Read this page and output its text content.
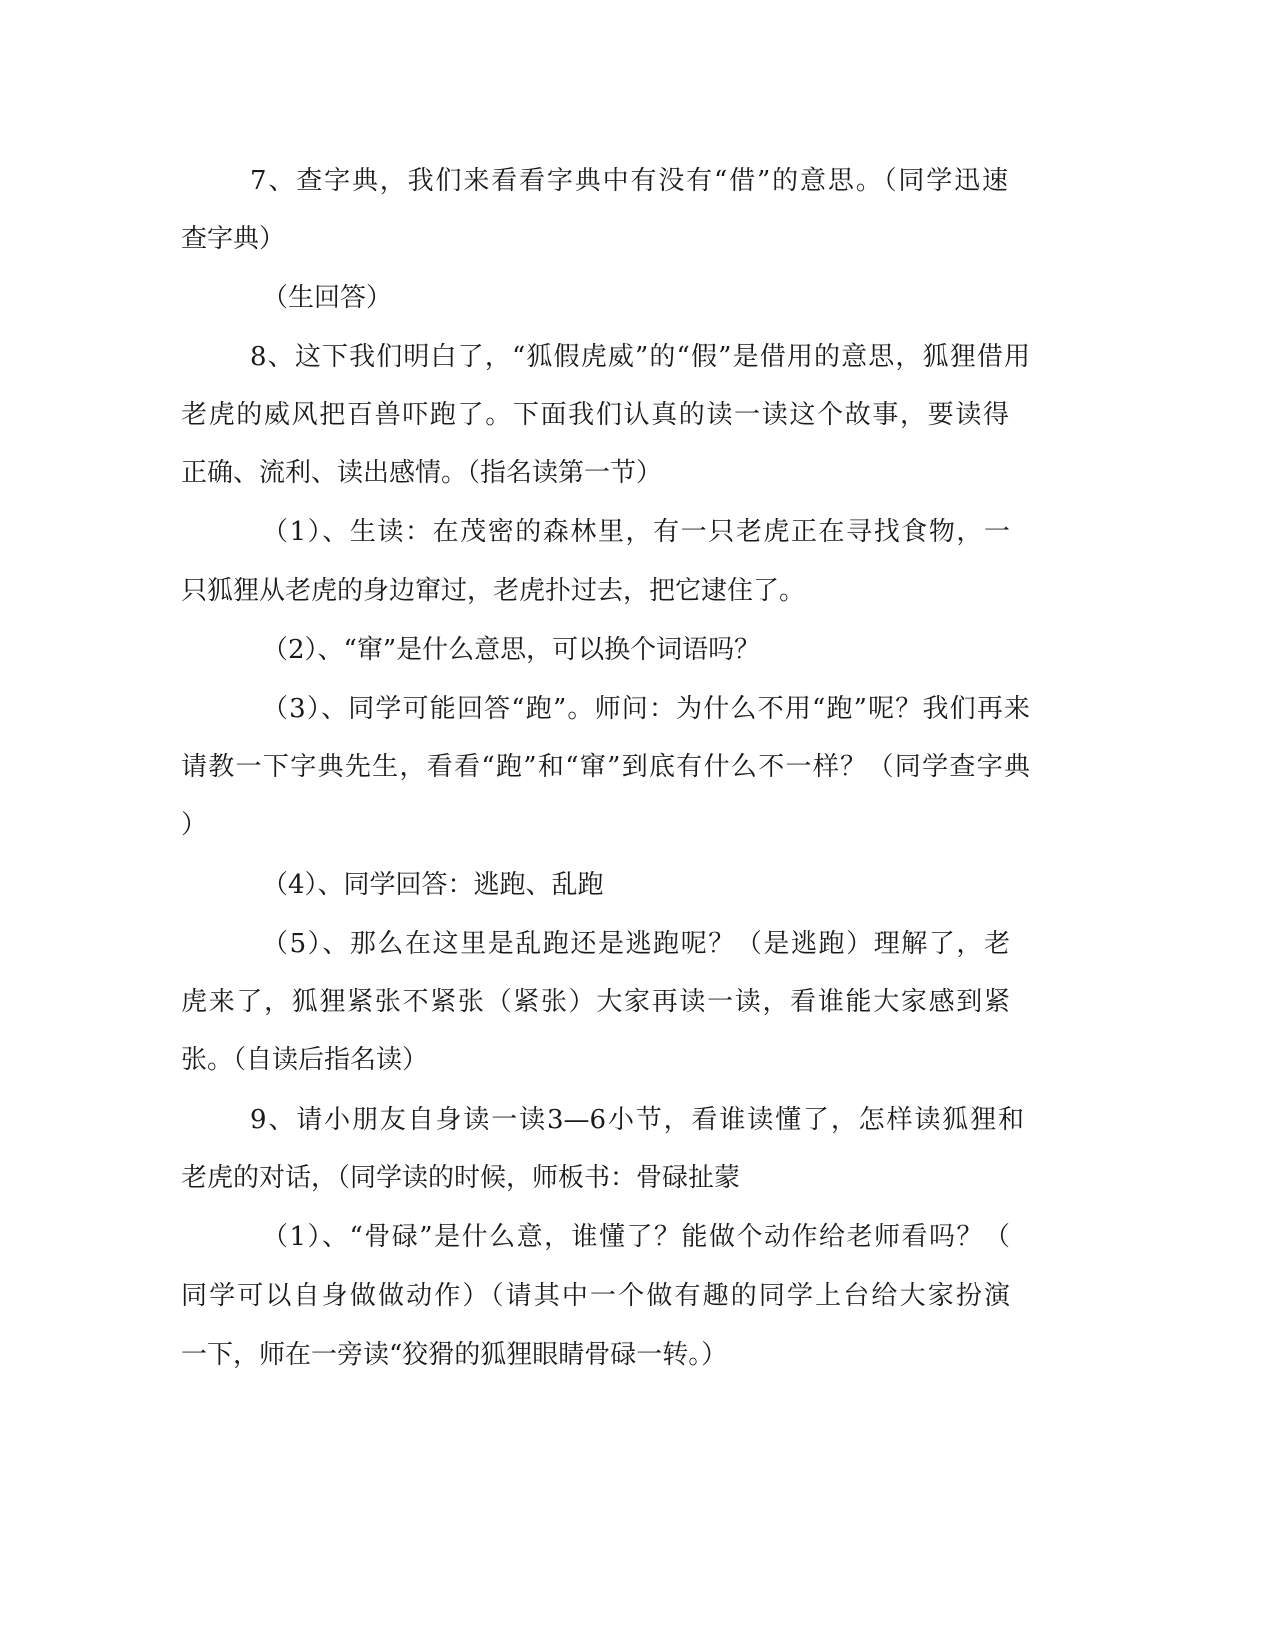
7、查字典，我们来看看字典中有没有“借”的意思。（同学迅速

查字典）

（生回答）

8、这下我们明白了，“狐假虎威”的“假”是借用的意思，狐狸借用

老虎的威风把百兽吓跑了。下面我们认真的读一读这个故事，要读得

正确、流利、读出感情。（指名读第一节）

（1）、生读：在茂密的森林里，有一只老虎正在寻找食物，一

只狐狸从老虎的身边窜过，老虎扑过去，把它逮住了。

（2）、“窜”是什么意思，可以换个词语吗？

（3）、同学可能回答“跑”。师问：为什么不用“跑”呢？我们再来

请教一下字典先生，看看“跑”和“窜”到底有什么不一样？（同学查字典

）

（4）、同学回答：逃跑、乱跑

（5）、那么在这里是乱跑还是逃跑呢？（是逃跑）理解了，老

虎来了，狐狸紧张不紧张（紧张）大家再读一读，看谁能大家感到紧

张。（自读后指名读）

9、请小朋友自身读一读3—6小节，看谁读懂了，怎样读狐狸和

老虎的对话，（同学读的时候，师板书：骨碌扯蒙

（1）、“骨碌”是什么意，谁懂了？能做个动作给老师看吗？（

同学可以自身做做动作）（请其中一个做有趣的同学上台给大家扮演

一下，师在一旁读“狡猾的狐狸眼睛骨碌一转。）
